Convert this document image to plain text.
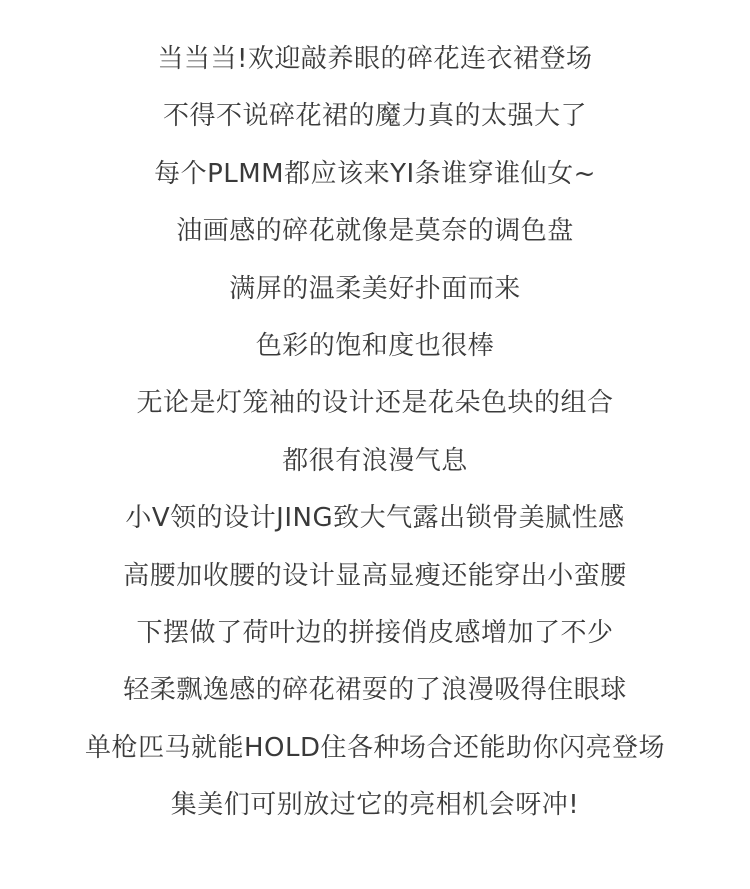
当当当!欢迎敲养眼的碎花连衣裙登场
不得不说碎花裙的魔力真的太强大了
每个PLMM都应该来YI条谁穿谁仙女~
油画感的碎花就像是莫奈的调色盘
满屏的温柔美好扑面而来
色彩的饱和度也很棒
无论是灯笼袖的设计还是花朵色块的组合
都很有浪漫气息
小V领的设计JING致大气露出锁骨美腻性感
高腰加收腰的设计显高显瘦还能穿出小蛮腰
下摆做了荷叶边的拼接俏皮感增加了不少
轻柔飘逸感的碎花裙耍的了浪漫吸得住眼球
单枪匹马就能HOLD住各种场合还能助你闪亮登场
集美们可别放过它的亮相机会呀冲!
